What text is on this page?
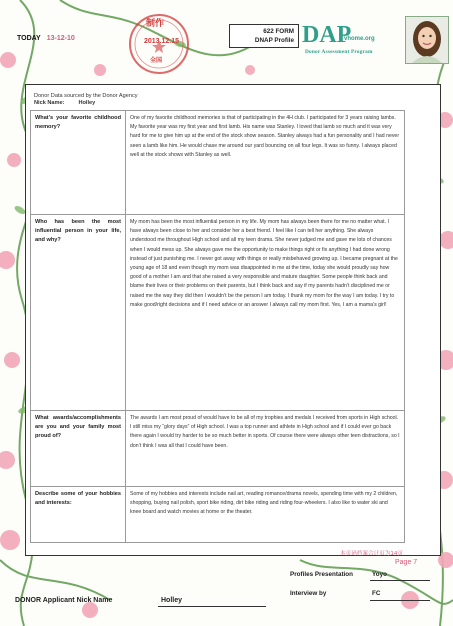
TODAY 13-12-10
制作
2013.12.15
全国
622 FORM
DNAP Profile DAP
vhome.org
Donor Assessment Program
Donor Data sourced by the Donor Agency
Nick Name:	Holley
What’s your favorite childhood memory?	One of my favorite childhood memories is that of participating in the 4H club. I participated for 3 years raising lambs. My favorite year was my first year and first lamb. His name was Stanley. I loved that lamb so much and it was very hard for me to give him up at the end of the stock show season. Stanley always had a fun personality and I had never seen a lamb like him. He would chase me around our yard bouncing on all four legs. It was so funny. I always placed well at the stock shows with Stanley as well.
Who has been the most influential person in your life, and why?	My mom has been the most influential person in my life. My mom has always been there for me no matter what. I have always been close to her and consider her a best friend. I feel like I can tell her anything. She always understood me throughout High school and all my teen drama. She never judged me and gave me lots of chances when I would mess up. She always gave me the opportunity to make things right or fix anything I had done wrong instead of just punishing me. I never got away with things or really misbehaved growing up. I became pregnant at the young age of 18 and even though my mom was disappointed in me at the time, today she would proudly say how good of a mother I am and that she raised a very responsible and mature daughter. Some people think back and blame their lives or their problems on their parents, but I think back and say if my parents hadn’t disciplined me or raised me the way they did then I wouldn’t be the person I am today. I thank my mom for the way I am today. I try to make good/right decisions and if I need advice or an answer I always call my mom first. Yes, I am a mama’s girl!
What awards/accomplishments are you and your family most proud of?	The awards I am most proud of would have to be all of my trophies and medals I received from sports in High school. I still miss my “glory days” of High school. I was a top runner and athlete in High school and if I could ever go back there again I would try harder to be so much better in sports. Of course there were always other teen distractions, so I don’t think I was all that I could have been.
Describe some of your hobbies and interests:	Some of my hobbies and interests include nail art, reading romance/drama novels, spending time with my 2 children, shopping, buying nail polish, sport bike riding, dirt bike riding and riding four-wheelers. I also like to water ski and knee board and watch movies at home or the theater.
本页码档案合计页为14页
Page 7
Profiles Presentation	Yoyo
Interview by	FC
DONOR Applicant Nick Name	Holley
